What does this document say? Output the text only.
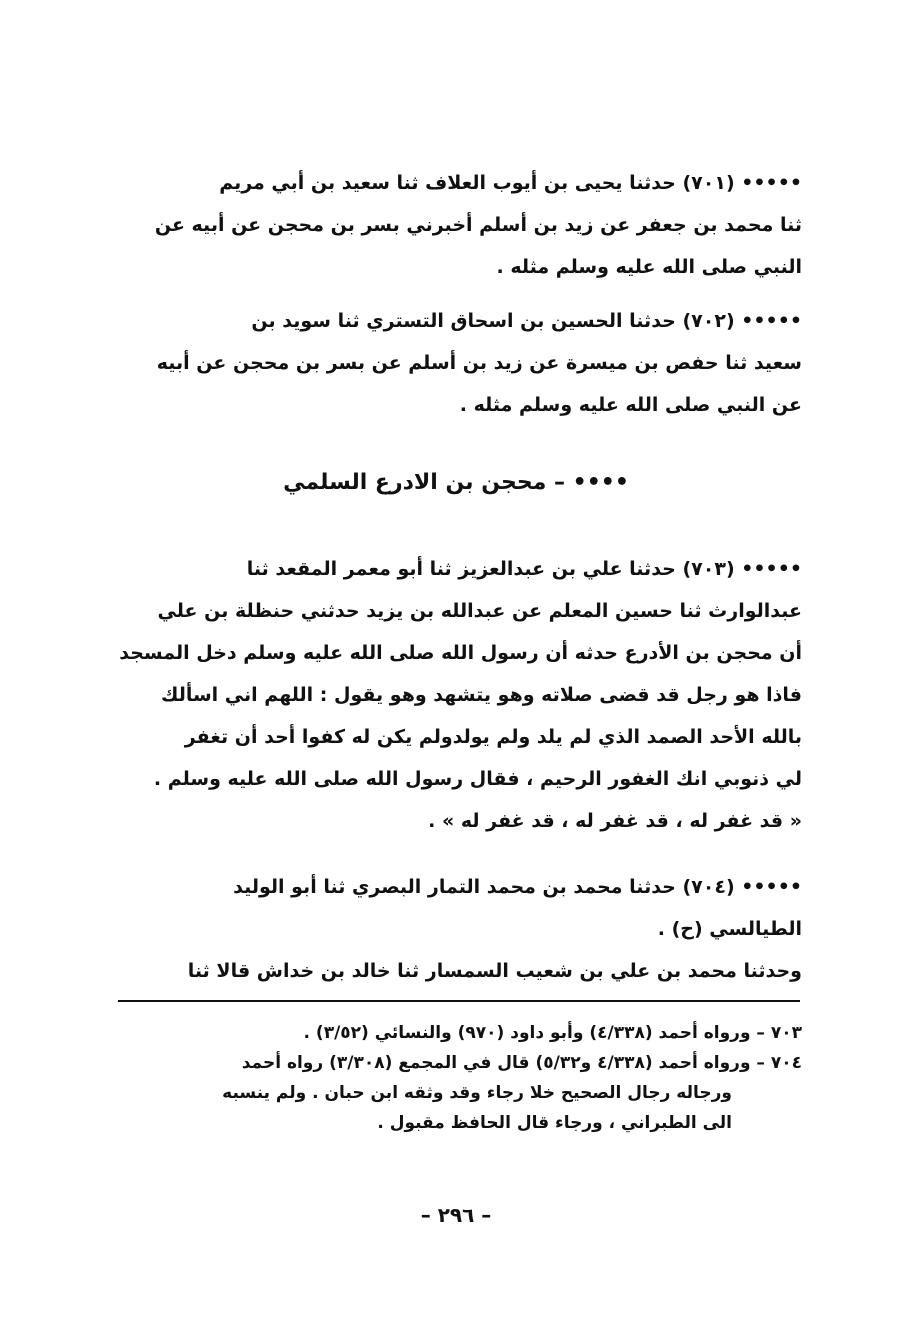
••••• (٧٠١) حدثنا يحيى بن أيوب العلاف ثنا سعيد بن أبي مريم
ثنا محمد بن جعفر عن زيد بن أسلم أخبرني بسر بن محجن عن أبيه عن
النبي صلى الله عليه وسلم مثله .
••••• (٧٠٢) حدثنا الحسين بن اسحاق التستري ثنا سويد بن
سعيد ثنا حفص بن ميسرة عن زيد بن أسلم عن بسر بن محجن عن أبيه
عن النبي صلى الله عليه وسلم مثله .
•••• – محجن بن الادرع السلمي
••••• (٧٠٣) حدثنا علي بن عبدالعزيز ثنا أبو معمر المقعد ثنا
عبدالوارث ثنا حسين المعلم عن عبدالله بن يزيد حدثني حنظلة بن علي
أن محجن بن الأدرع حدثه أن رسول الله صلى الله عليه وسلم دخل المسجد
فاذا هو رجل قد قضى صلاته وهو يتشهد وهو يقول : اللهم اني اسألك
بالله الأحد الصمد الذي لم يلد ولم يولدولم يكن له كفوا أحد أن تغفر
لي ذنوبي انك الغفور الرحيم ، فقال رسول الله صلى الله عليه وسلم .
« قد غفر له ، قد غفر له ، قد غفر له » .
••••• (٧٠٤) حدثنا محمد بن محمد التمار البصري ثنا أبو الوليد
الطيالسي (ح) .
وحدثنا محمد بن علي بن شعيب السمسار ثنا خالد بن خداش قالا ثنا
٧٠٣ – ورواه أحمد (٤/٣٣٨) وأبو داود (٩٧٠) والنسائي (٣/٥٢) .
٧٠٤ – ورواه أحمد (٤/٣٣٨ و٥/٣٢) قال في المجمع (٣/٣٠٨) رواه أحمد
ورجاله رجال الصحيح خلا رجاء وقد وثقه ابن حبان . ولم ينسبه
الى الطبراني ، ورجاء قال الحافظ مقبول .
– ٢٩٦ –
